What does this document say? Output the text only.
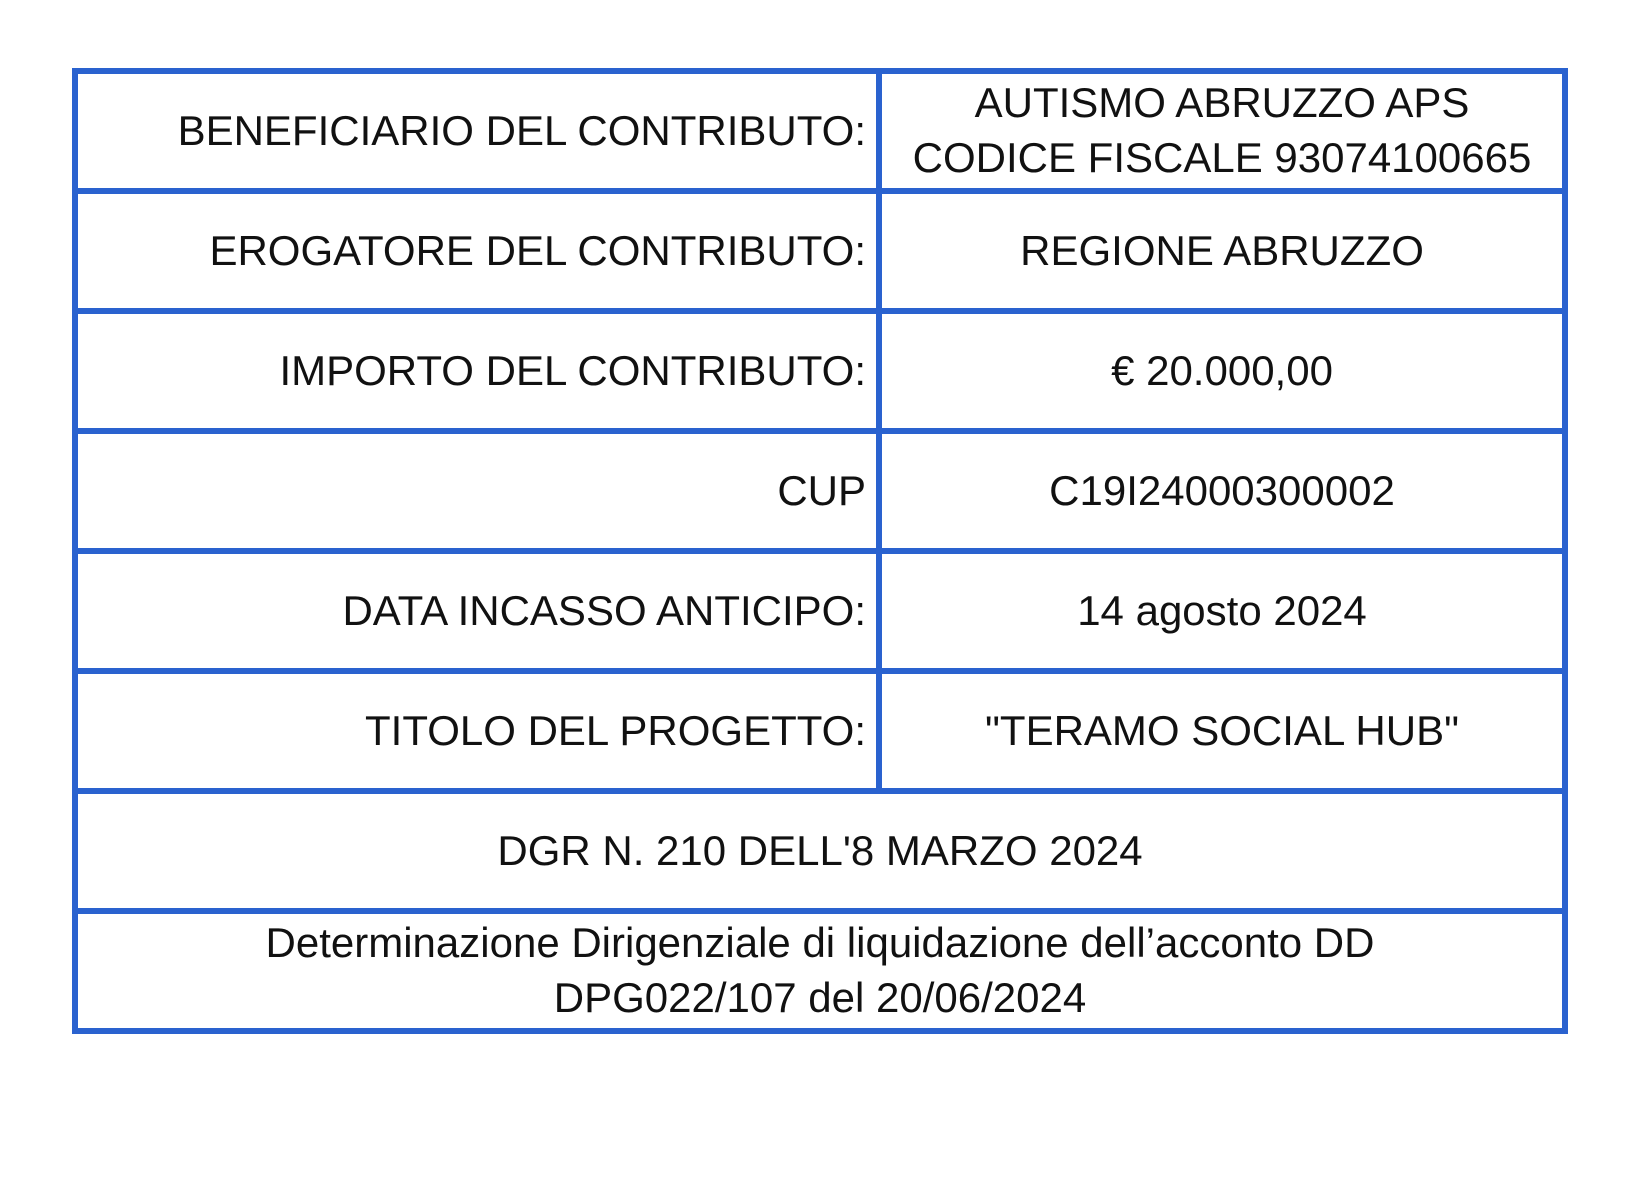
BENEFICIARIO DEL CONTRIBUTO:	AUTISMO ABRUZZO APS
CODICE FISCALE 93074100665

EROGATORE DEL CONTRIBUTO:	REGIONE ABRUZZO
IMPORTO DEL CONTRIBUTO:	€ 20.000,00
CUP	C19I24000300002
DATA INCASSO ANTICIPO:	14 agosto 2024
TITOLO DEL PROGETTO:	"TERAMO SOCIAL HUB"
DGR N. 210 DELL'8 MARZO 2024	

Determinazione Dirigenziale di liquidazione dell’acconto DD
DPG022/107 del 20/06/2024	
